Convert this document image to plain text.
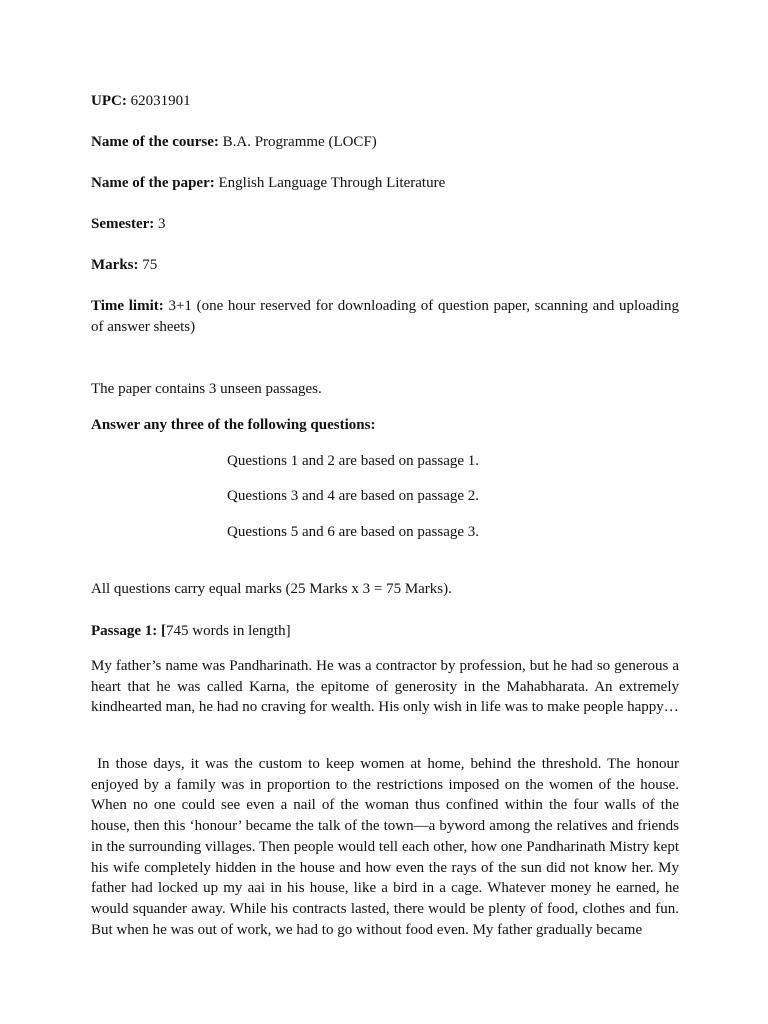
UPC: 62031901

Name of the course: B.A. Programme (LOCF)

Name of the paper: English Language Through Literature

Semester: 3

Marks: 75

Time limit: 3+1 (one hour reserved for downloading of question paper, scanning and uploading of answer sheets)

The paper contains 3 unseen passages.

Answer any three of the following questions:

Questions 1 and 2 are based on passage 1.

Questions 3 and 4 are based on passage 2.

Questions 5 and 6 are based on passage 3.

All questions carry equal marks (25 Marks x 3 = 75 Marks).

Passage 1: [745 words in length]

My father’s name was Pandharinath. He was a contractor by profession, but he had so generous a heart that he was called Karna, the epitome of generosity in the Mahabharata. An extremely kindhearted man, he had no craving for wealth. His only wish in life was to make people happy…

In those days, it was the custom to keep women at home, behind the threshold. The honour enjoyed by a family was in proportion to the restrictions imposed on the women of the house. When no one could see even a nail of the woman thus confined within the four walls of the house, then this ‘honour’ became the talk of the town—a byword among the relatives and friends in the surrounding villages. Then people would tell each other, how one Pandharinath Mistry kept his wife completely hidden in the house and how even the rays of the sun did not know her. My father had locked up my aai in his house, like a bird in a cage. Whatever money he earned, he would squander away. While his contracts lasted, there would be plenty of food, clothes and fun. But when he was out of work, we had to go without food even. My father gradually became
